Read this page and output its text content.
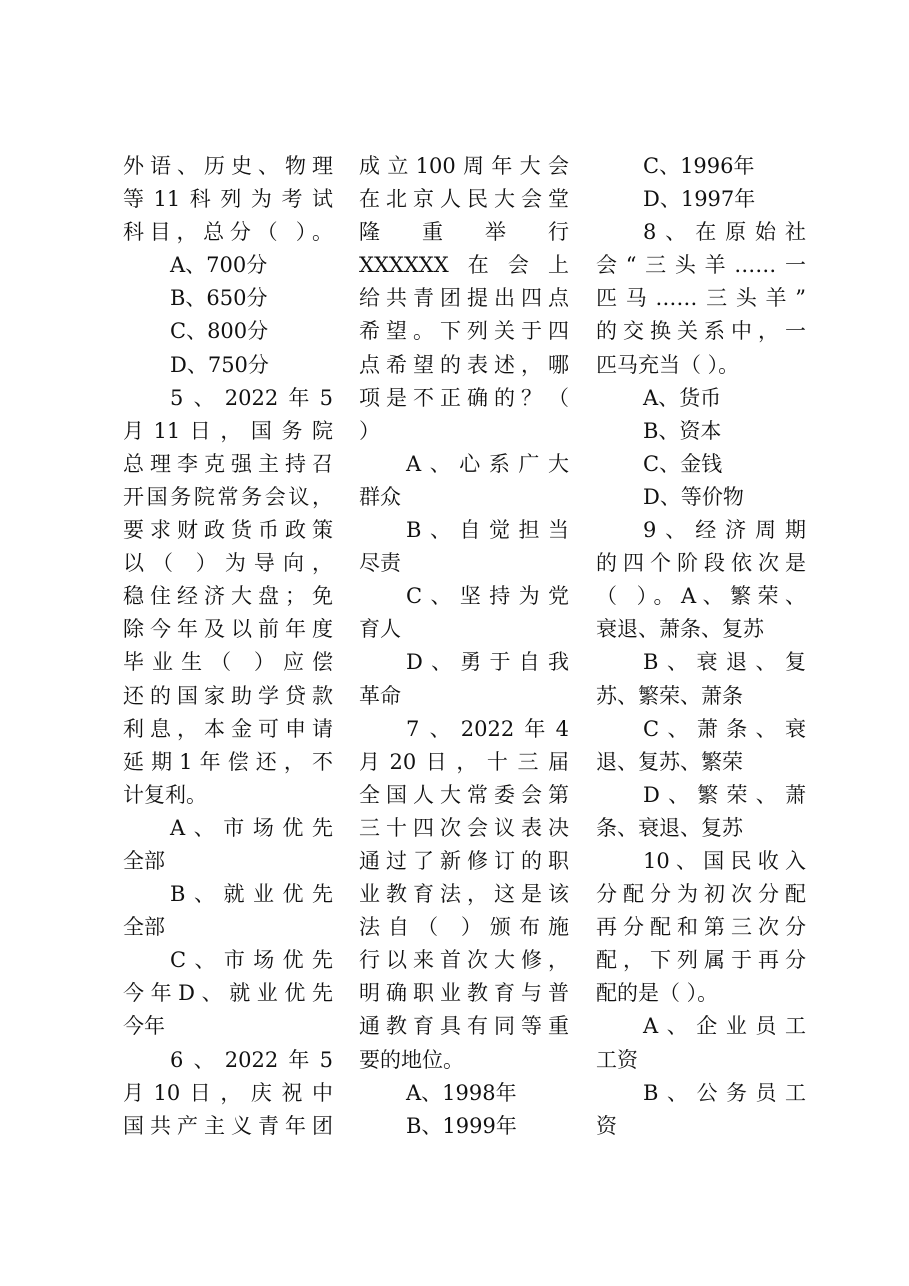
外语、历史、物理
等11科列为考试
科目，总分（ ）。
A、700分
B、650分
C、800分
D、750分
5、2022年5
月11日，国务院
总理李克强主持召
开国务院常务会议，
要求财政货币政策
以（ ）为导向，
稳住经济大盘；免
除今年及以前年度
毕业生（ ）应偿
还的国家助学贷款
利息，本金可申请
延期1年偿还，不
计复利。
A、市场优先
全部
B、就业优先
全部
C、市场优先
今年D、就业优先
今年
6、2022年5
月10日，庆祝中
国共产主义青年团
成立100周年大会
在北京人民大会堂
隆重举行
XXXXXX在会上
给共青团提出四点
希望。下列关于四
点希望的表述，哪
项是不正确的？（
）
A、心系广大
群众
B、自觉担当
尽责
C、坚持为党
育人
D、勇于自我
革命
7、2022年4
月20日，十三届
全国人大常委会第
三十四次会议表决
通过了新修订的职
业教育法，这是该
法自（ ）颁布施
行以来首次大修，
明确职业教育与普
通教育具有同等重
要的地位。
A、1998年
B、1999年
C、1996年
D、1997年
8、在原始社
会“三头羊……一
匹马……三头羊”
的交换关系中，一
匹马充当（ ）。
A、货币
B、资本
C、金钱
D、等价物
9、经济周期
的四个阶段依次是
（ ）。A、繁荣、
衰退、萧条、复苏
B、衰退、复
苏、繁荣、萧条
C、萧条、衰
退、复苏、繁荣
D、繁荣、萧
条、衰退、复苏
10、国民收入
分配分为初次分配
再分配和第三次分
配，下列属于再分
配的是（ ）。
A、企业员工
工资
B、公务员工
资
